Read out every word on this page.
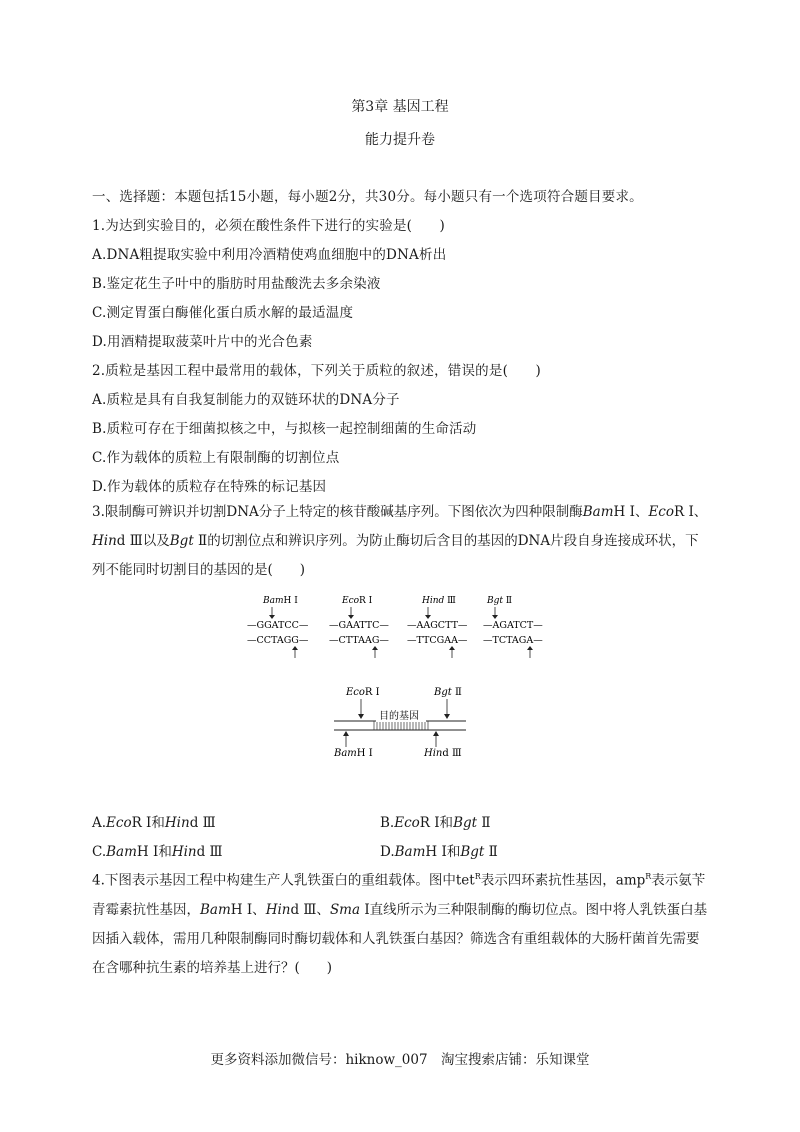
第3章 基因工程
能力提升卷
一、选择题：本题包括15小题，每小题2分，共30分。每小题只有一个选项符合题目要求。
1.为达到实验目的，必须在酸性条件下进行的实验是(　　)
A.DNA粗提取实验中利用冷酒精使鸡血细胞中的DNA析出
B.鉴定花生子叶中的脂肪时用盐酸洗去多余染液
C.测定胃蛋白酶催化蛋白质水解的最适温度
D.用酒精提取菠菜叶片中的光合色素
2.质粒是基因工程中最常用的载体，下列关于质粒的叙述，错误的是(　　)
A.质粒是具有自我复制能力的双链环状的DNA分子
B.质粒可存在于细菌拟核之中，与拟核一起控制细菌的生命活动
C.作为载体的质粒上有限制酶的切割位点
D.作为载体的质粒存在特殊的标记基因
3.限制酶可辨识并切割DNA分子上特定的核苷酸碱基序列。下图依次为四种限制酶BamH Ⅰ、EcoR Ⅰ、Hind Ⅲ以及Bgt Ⅱ的切割位点和辨识序列。为防止酶切后含目的基因的DNA片段自身连接成环状，下列不能同时切割目的基因的是(　　)
BamH Ⅰ
—GGATCC—
—CCTAGG—
EcoR Ⅰ
—GAATTC—
—CTTAAG—
Hind Ⅲ
—AAGCTT—
—TTCGAA—
Bgt Ⅱ
—AGATCT—
—TCTAGA—
EcoR Ⅰ	Bgt Ⅱ
目的基因
BamH Ⅰ	Hind Ⅲ
A.EcoR Ⅰ和Hind Ⅲ	B.EcoR Ⅰ和Bgt Ⅱ
C.BamH Ⅰ和Hind Ⅲ	D.BamH Ⅰ和Bgt Ⅱ
4.下图表示基因工程中构建生产人乳铁蛋白的重组载体。图中tet$^R$表示四环素抗性基因，amp$^R$表示氨苄青霉素抗性基因，BamH Ⅰ、Hind Ⅲ、Sma Ⅰ直线所示为三种限制酶的酶切位点。图中将人乳铁蛋白基因插入载体，需用几种限制酶同时酶切载体和人乳铁蛋白基因？筛选含有重组载体的大肠杆菌首先需要在含哪种抗生素的培养基上进行？(　　)
更多资料添加微信号：hiknow_007　淘宝搜索店铺：乐知课堂
